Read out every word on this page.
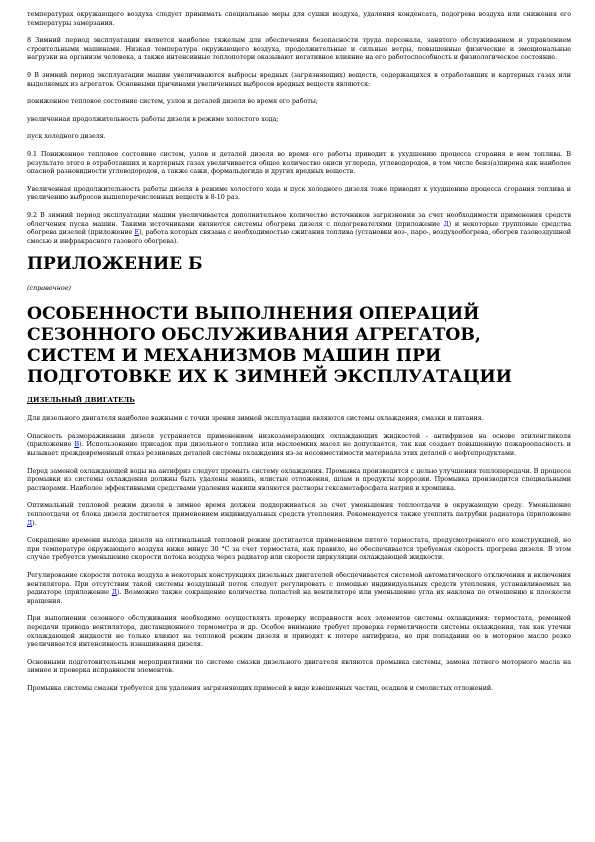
температурах окружающего воздуха следует принимать специальные меры для сушки воздуха, удаления конденсата, подогрева воздуха или снижения его температуры замерзания.

8 Зимний период эксплуатации является наиболее тяжелым для обеспечения безопасности труда персонала, занятого обслуживанием и управлением строительными машинами. Низкая температура окружающего воздуха, продолжительные и сильные ветры, повышенные физические и эмоциональные нагрузки на организм человека, а также интенсивные теплопотери оказывают негативное влияние на его работоспособность и физиологическое состояние.

9 В зимний период эксплуатации машин увеличиваются выбросы вредных (загрязняющих) веществ, содержащихся в отработавших и картерных газах или выделяемых из агрегатов. Основными причинами увеличенных выбросов вредных веществ являются:

пониженное тепловое состояние систем, узлов и деталей дизеля во время его работы;

увеличенная продолжительность работы дизеля в режиме холостого хода;

пуск холодного дизеля.

9.1 Пониженное тепловое состояние систем, узлов и деталей дизеля во время его работы приводит к ухудшению процесса сгорания в нем топлива. В результате этого в отработавших и картерных газах увеличивается общее количество окиси углерода, углеводородов, в том числе бенз(а)пирена как наиболее опасной разновидности углеводородов, а также сажи, формальдегида и других вредных веществ.

Увеличенная продолжительность работы дизеля в режиме холостого хода и пуск холодного дизеля тоже приводят к ухудшению процесса сгорания топлива и увеличению выбросов вышеперечисленных веществ в 8-10 раз.

9.2 В зимний период эксплуатации машин увеличивается дополнительное количество источников загрязнения за счет необходимости применения средств облегчения пуска машин. Такими источниками являются системы обогрева дизеля с подогревателями (приложение Д) и некоторые групповые средства обогрева дизелей (приложение Е), работа которых связана с необходимостью сжигания топлива (установки воз-, паро-, воздухообогрева, обогрев газовоздушной смесью и инфракрасного газового обогрева).

ПРИЛОЖЕНИЕ Б

(справочное)

ОСОБЕННОСТИ ВЫПОЛНЕНИЯ ОПЕРАЦИЙ СЕЗОННОГО ОБСЛУЖИВАНИЯ АГРЕГАТОВ, СИСТЕМ И МЕХАНИЗМОВ МАШИН ПРИ ПОДГОТОВКЕ ИХ К ЗИМНЕЙ ЭКСПЛУАТАЦИИ
ДИЗЕЛЬНЫЙ ДВИГАТЕЛЬ

Для дизельного двигателя наиболее важными с точки зрения зимней эксплуатации являются системы охлаждения, смазки и питания.

Опасность размораживания дизеля устраняется применением низкозамерзающих охлаждающих жидкостей - антифризов на основе этиленгликоля (приложение В). Использование присадок при дизельного топлива или маслоемких масел не допускается, так как создает повышенную пожароопасность и вызывает преждевременный отказ резиновых деталей системы охлаждения из-за несовместимости материала этих деталей с нефтепродуктами.

Перед заменой охлаждающей воды на антифриз следует промыть систему охлаждения. Промывка производится с целью улучшения теплопередачи. В процессе промывки из системы охлаждения должны быть удалены накипь, илистые отложения, шлам и продукты коррозии. Промывка производится специальными растворами. Наиболее эффективными средствами удаления накипи являются растворы гексаметафосфата натрия и хромпика.

Оптимальный тепловой режим дизеля в зимнее время должен поддерживаться за счет уменьшения теплоотдачи в окружающую среду. Уменьшение теплоотдачи от блока дизеля достигается применением индивидуальных средств утепления. Рекомендуется также утеплять патрубки радиатора (приложение Д).

Сокращение времени выхода дизеля на оптимальный тепловой режим достигается применением пятого термостата, предусмотренного его конструкцией, но при температуре окружающего воздуха ниже минус 30 °С за счет термостата, как правило, не обеспечивается требуемая скорость прогрева дизеля. В этом случае требуется уменьшение скорости потока воздуха через радиатор или скорости циркуляции охлаждающей жидкости.

Регулирование скорости потока воздуха в некоторых конструкциях дизельных двигателей обеспечивается системой автоматического отключения и включения вентилятора. При отсутствии такой системы воздушный поток следует регулировать с помощью индивидуальных средств утепления, устанавливаемых на радиаторе (приложение Д). Возможно также сокращение количества лопастей на вентиляторе или уменьшение угла их наклона по отношению к плоскости вращения.

При выполнении сезонного обслуживания необходимо осуществлять проверку исправности всех элементов системы охлаждения: термостата, ременной передачи привода вентилятора, дистанционного термометра и др. Особое внимание требует проверка герметичности системы охлаждения, так как утечки охлаждающей жидкости не только влияют на тепловой режим дизеля и приводят к потере антифриза, но при попадании ее в моторное масло резко увеличивается интенсивность изнашивания дизеля.

Основными подготовительными мероприятиями по системе смазки дизельного двигателя являются промывка системы, замена летнего моторного масла на зимнее и проверка исправности элементов.

Промывка системы смазки требуется для удаления загрязняющих примесей в виде взвешенных частиц, осадков и смолистых отложений.
